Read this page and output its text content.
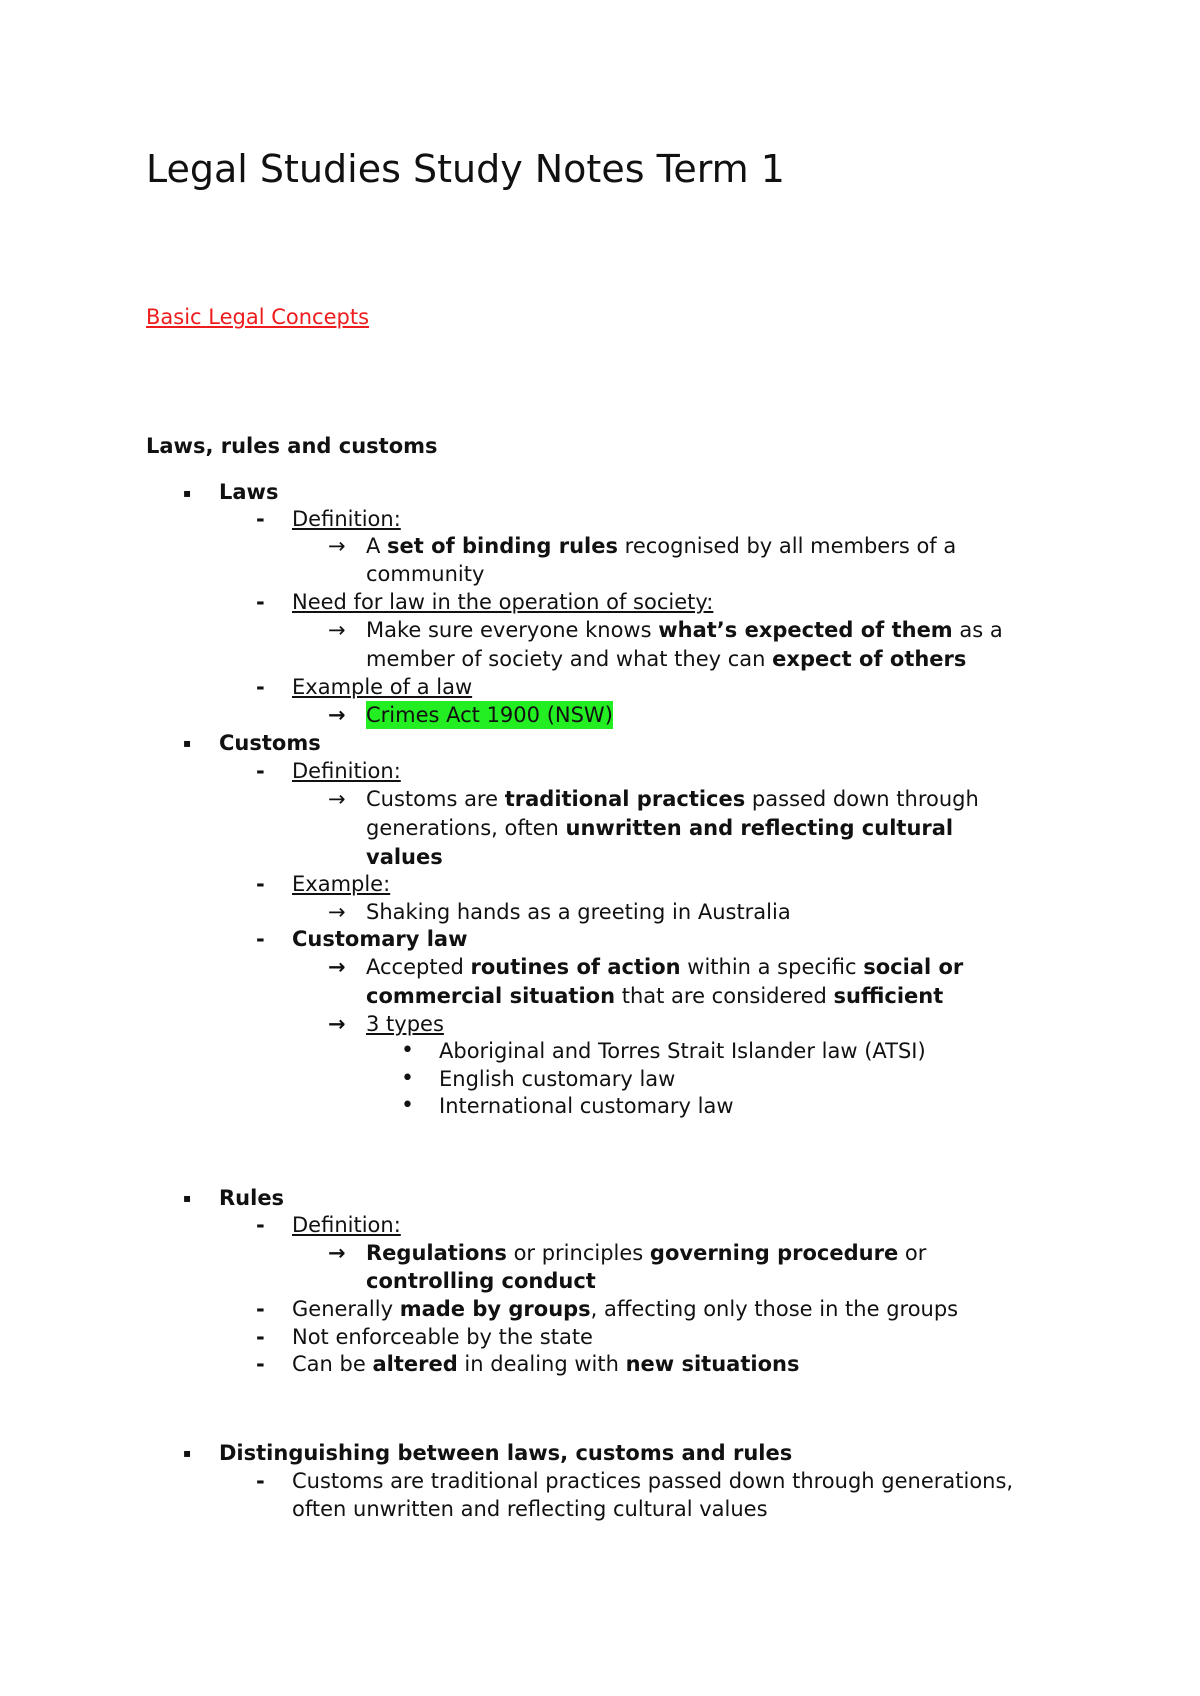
Legal Studies Study Notes Term 1
Basic Legal Concepts
Laws, rules and customs
▪ Laws
- Definition:
→ A set of binding rules recognised by all members of a
community
- Need for law in the operation of society:
→ Make sure everyone knows what’s expected of them as a
member of society and what they can expect of others
- Example of a law
→ Crimes Act 1900 (NSW)
▪ Customs
- Definition:
→ Customs are traditional practices passed down through
generations, often unwritten and reflecting cultural
values
- Example:
→ Shaking hands as a greeting in Australia
- Customary law
→ Accepted routines of action within a specific social or
commercial situation that are considered sufficient
→ 3 types
• Aboriginal and Torres Strait Islander law (ATSI)
• English customary law
• International customary law
▪ Rules
- Definition:
→ Regulations or principles governing procedure or
controlling conduct
- Generally made by groups, affecting only those in the groups
- Not enforceable by the state
- Can be altered in dealing with new situations
▪ Distinguishing between laws, customs and rules
- Customs are traditional practices passed down through generations,
often unwritten and reflecting cultural values
